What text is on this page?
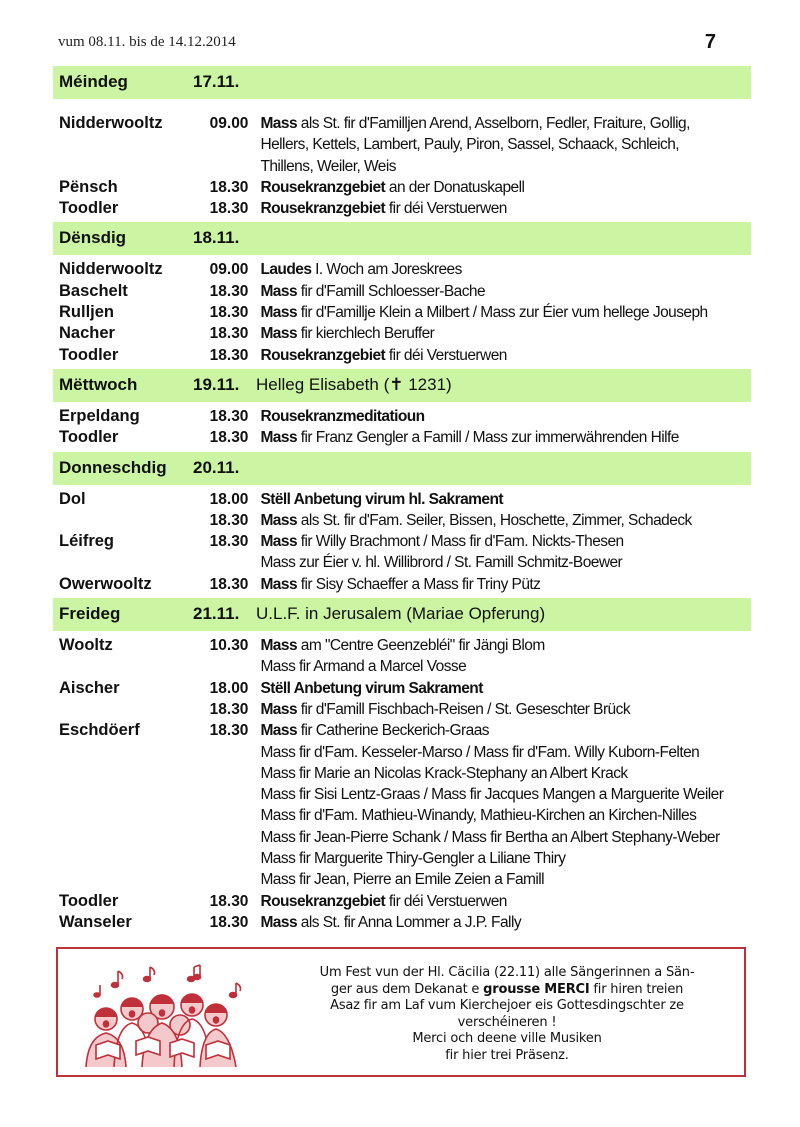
vum 08.11. bis de 14.12.2014	7
Méindeg	17.11.
Nidderwooltz	09.00 Mass als St. fir d'Familljen Arend, Asselborn, Fedler, Fraiture, Gollig,
Hellers, Kettels, Lambert, Pauly, Piron, Sassel, Schaack, Schleich,
Thillens, Weiler, Weis
Pënsch	18.30 Rousekranzgebiet an der Donatuskapell
Toodler	18.30 Rousekranzgebiet fir déi Verstuerwen
Dënsdig	18.11.
Nidderwooltz	09.00 Laudes I. Woch am Joreskrees
Baschelt	18.30 Mass fir d'Famill Schloesser-Bache
Rulljen	18.30 Mass fir d'Famillje Klein a Milbert / Mass zur Éier vum hellege Jouseph
Nacher	18.30 Mass fir kierchlech Beruffer
Toodler	18.30 Rousekranzgebiet fir déi Verstuerwen
Mëttwoch	19.11. Helleg Elisabeth (✝ 1231)
Erpeldang	18.30 Rousekranzmeditatioun
Toodler	18.30 Mass fir Franz Gengler a Famill / Mass zur immerwährenden Hilfe
Donneschdig 20.11.
Dol	18.00 Stëll Anbetung virum hl. Sakrament
18.30 Mass als St. fir d'Fam. Seiler, Bissen, Hoschette, Zimmer, Schadeck
Léifreg	18.30 Mass fir Willy Brachmont / Mass fir d'Fam. Nickts-Thesen
Mass zur Éier v. hl. Willibrord / St. Famill Schmitz-Boewer
Owerwooltz	18.30 Mass fir Sisy Schaeffer a Mass fir Triny Pütz
Freideg	21.11. U.L.F. in Jerusalem (Mariae Opferung)
Wooltz	10.30 Mass am "Centre Geenzebléi" fir Jängi Blom
Mass fir Armand a Marcel Vosse
Aischer	18.00 Stëll Anbetung virum Sakrament
18.30 Mass fir d'Famill Fischbach-Reisen / St. Geseschter Brück
Eschdöerf	18.30 Mass fir Catherine Beckerich-Graas
Mass fir d'Fam. Kesseler-Marso / Mass fir d'Fam. Willy Kuborn-Felten
Mass fir Marie an Nicolas Krack-Stephany an Albert Krack
Mass fir Sisi Lentz-Graas / Mass fir Jacques Mangen a Marguerite Weiler
Mass fir d'Fam. Mathieu-Winandy, Mathieu-Kirchen an Kirchen-Nilles
Mass fir Jean-Pierre Schank / Mass fir Bertha an Albert Stephany-Weber
Mass fir Marguerite Thiry-Gengler a Liliane Thiry
Mass fir Jean, Pierre an Emile Zeien a Famill
Toodler	18.30 Rousekranzgebiet fir déi Verstuerwen
Wanseler	18.30 Mass als St. fir Anna Lommer a J.P. Fally
Um Fest vun der Hl. Cäcilia (22.11) alle Sängerinnen a Sän-
ger aus dem Dekanat e grousse MERCI fir hiren treien
Asaz fir am Laf vum Kierchejoer eis Gottesdingschter ze
verschéineren !
Merci och deene ville Musiken
fir hier trei Präsenz.
